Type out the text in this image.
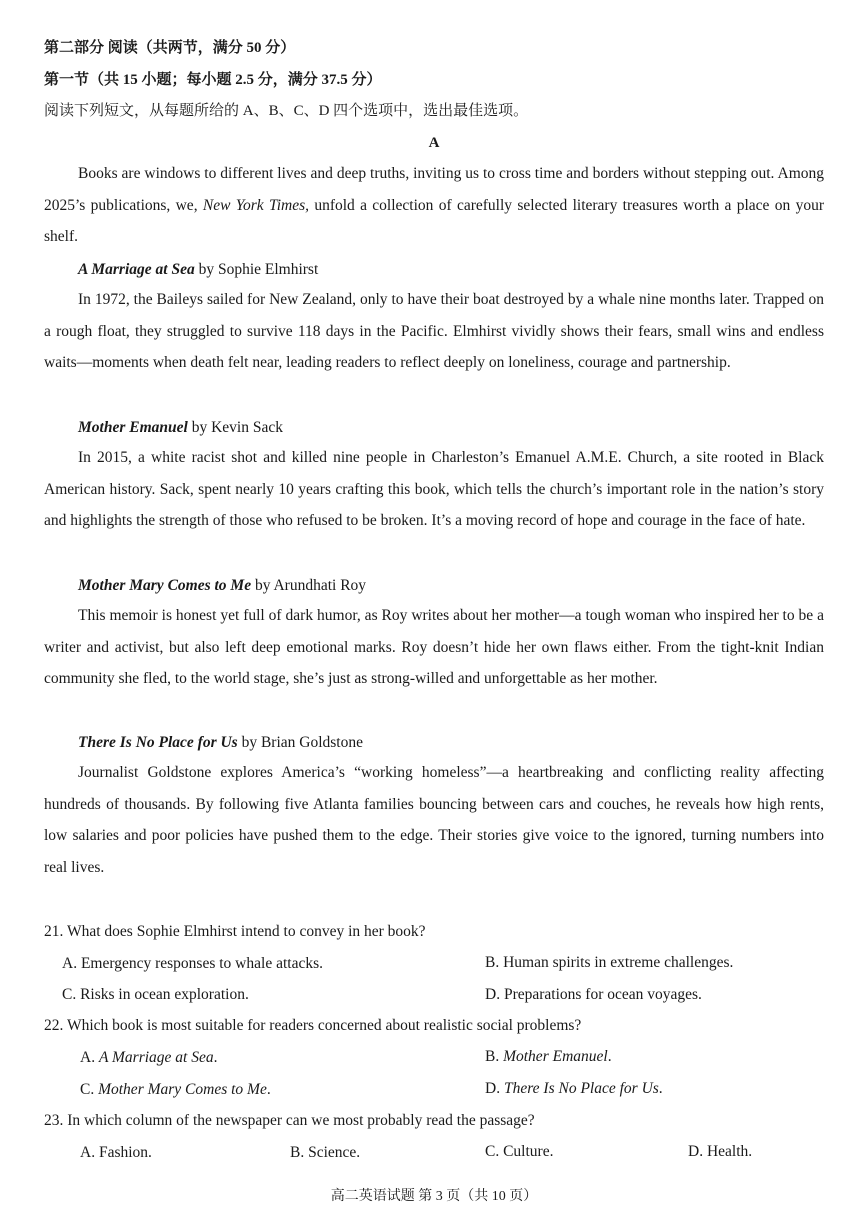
第二部分 阅读（共两节，满分 50 分）
第一节（共 15 小题；每小题 2.5 分，满分 37.5 分）
阅读下列短文，从每题所给的 A、B、C、D 四个选项中，选出最佳选项。
A

Books are windows to different lives and deep truths, inviting us to cross time and borders without stepping out. Among 2025’s publications, we, New York Times, unfold a collection of carefully selected literary treasures worth a place on your shelf.

A Marriage at Sea by Sophie Elmhirst

In 1972, the Baileys sailed for New Zealand, only to have their boat destroyed by a whale nine months later. Trapped on a rough float, they struggled to survive 118 days in the Pacific. Elmhirst vividly shows their fears, small wins and endless waits—moments when death felt near, leading readers to reflect deeply on loneliness, courage and partnership.

Mother Emanuel by Kevin Sack

In 2015, a white racist shot and killed nine people in Charleston’s Emanuel A.M.E. Church, a site rooted in Black American history. Sack, spent nearly 10 years crafting this book, which tells the church’s important role in the nation’s story and highlights the strength of those who refused to be broken. It’s a moving record of hope and courage in the face of hate.

Mother Mary Comes to Me by Arundhati Roy

This memoir is honest yet full of dark humor, as Roy writes about her mother—a tough woman who inspired her to be a writer and activist, but also left deep emotional marks. Roy doesn’t hide her own flaws either. From the tight-knit Indian community she fled, to the world stage, she’s just as strong-willed and unforgettable as her mother.

There Is No Place for Us by Brian Goldstone

Journalist Goldstone explores America’s “working homeless”—a heartbreaking and conflicting reality affecting hundreds of thousands. By following five Atlanta families bouncing between cars and couches, he reveals how high rents, low salaries and poor policies have pushed them to the edge. Their stories give voice to the ignored, turning numbers into real lives.

21. What does Sophie Elmhirst intend to convey in her book?
A. Emergency responses to whale attacks.	B. Human spirits in extreme challenges.
C. Risks in ocean exploration.	D. Preparations for ocean voyages.
22. Which book is most suitable for readers concerned about realistic social problems?
A. A Marriage at Sea.	B. Mother Emanuel.
C. Mother Mary Comes to Me.	D. There Is No Place for Us.
23. In which column of the newspaper can we most probably read the passage?
A. Fashion.	B. Science.	C. Culture.	D. Health.
高二英语试题 第 3 页（共 10 页）
